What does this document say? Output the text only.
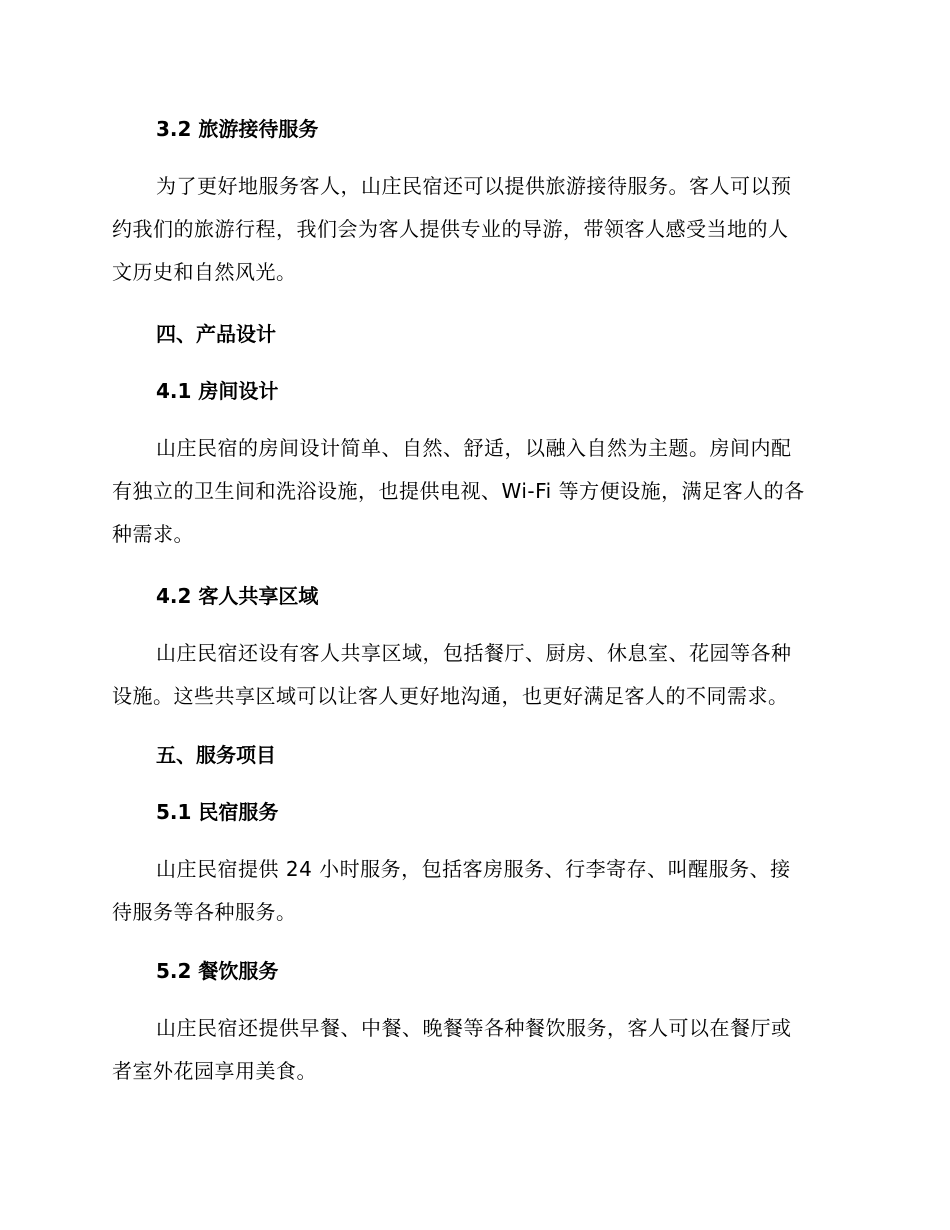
3.2 旅游接待服务
为了更好地服务客人，山庄民宿还可以提供旅游接待服务。客人可以预
约我们的旅游行程，我们会为客人提供专业的导游，带领客人感受当地的人
文历史和自然风光。
四、产品设计
4.1 房间设计
山庄民宿的房间设计简单、自然、舒适，以融入自然为主题。房间内配
有独立的卫生间和洗浴设施，也提供电视、Wi-Fi 等方便设施，满足客人的各
种需求。
4.2 客人共享区域
山庄民宿还设有客人共享区域，包括餐厅、厨房、休息室、花园等各种
设施。这些共享区域可以让客人更好地沟通，也更好满足客人的不同需求。
五、服务项目
5.1 民宿服务
山庄民宿提供 24 小时服务，包括客房服务、行李寄存、叫醒服务、接
待服务等各种服务。
5.2 餐饮服务
山庄民宿还提供早餐、中餐、晚餐等各种餐饮服务，客人可以在餐厅或
者室外花园享用美食。
